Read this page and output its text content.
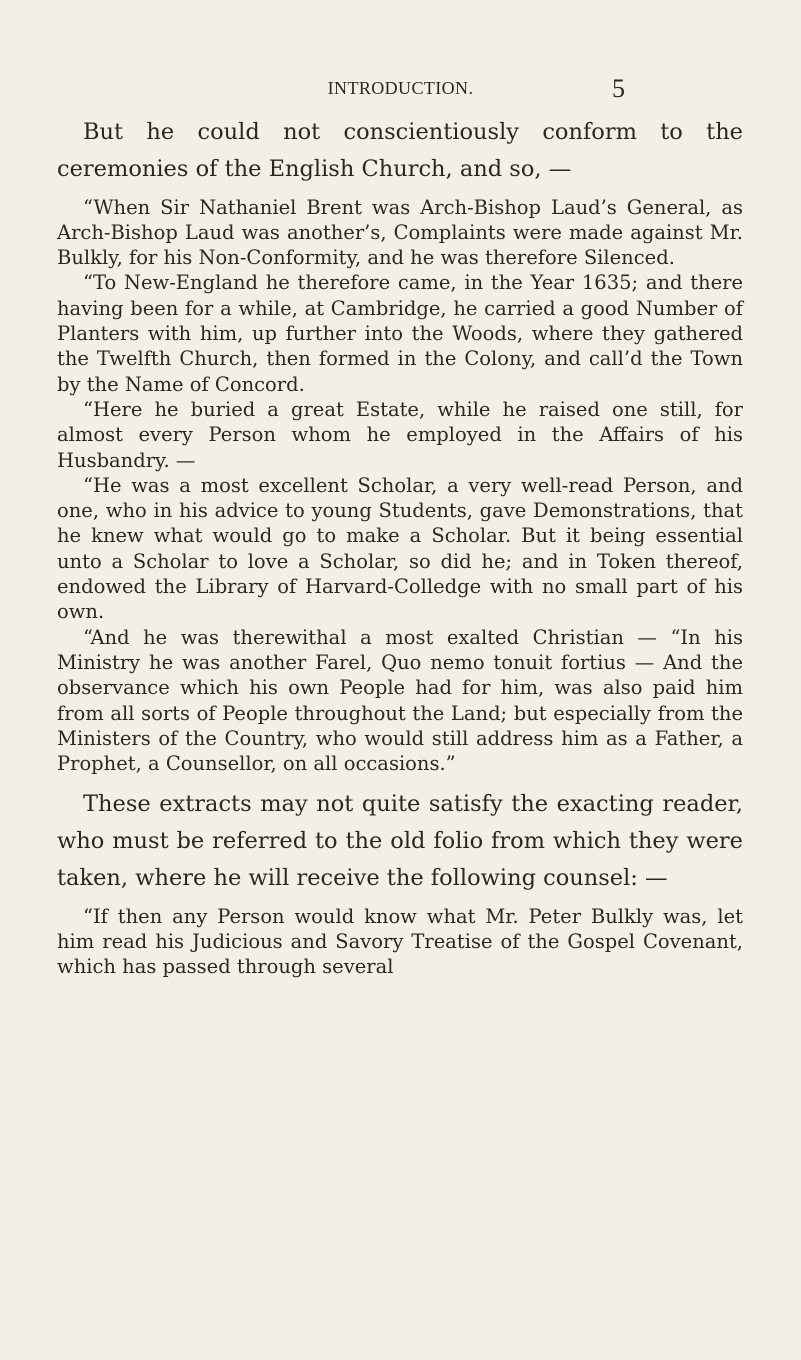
INTRODUCTION.	5

But he could not conscientiously conform to the ceremonies of the English Church, and so, —

“When Sir Nathaniel Brent was Arch-Bishop Laud’s General, as Arch-Bishop Laud was another’s, Complaints were made against Mr. Bulkly, for his Non-Conformity, and he was therefore Silenced.

“To New-England he therefore came, in the Year 1635; and there having been for a while, at Cambridge, he carried a good Number of Planters with him, up further into the Woods, where they gathered the Twelfth Church, then formed in the Colony, and call’d the Town by the Name of Concord.

“Here he buried a great Estate, while he raised one still, for almost every Person whom he employed in the Affairs of his Husbandry. —

“He was a most excellent Scholar, a very well-read Person, and one, who in his advice to young Students, gave Demonstrations, that he knew what would go to make a Scholar. But it being essential unto a Scholar to love a Scholar, so did he; and in Token thereof, endowed the Library of Harvard-Colledge with no small part of his own.

“And he was therewithal a most exalted Christian — “In his Ministry he was another Farel, Quo nemo tonuit fortius — And the observance which his own People had for him, was also paid him from all sorts of People throughout the Land; but especially from the Ministers of the Country, who would still address him as a Father, a Prophet, a Counsellor, on all occasions.”

These extracts may not quite satisfy the exacting reader, who must be referred to the old folio from which they were taken, where he will receive the following counsel: —

“If then any Person would know what Mr. Peter Bulkly was, let him read his Judicious and Savory Treatise of the Gospel Covenant, which has passed through several
